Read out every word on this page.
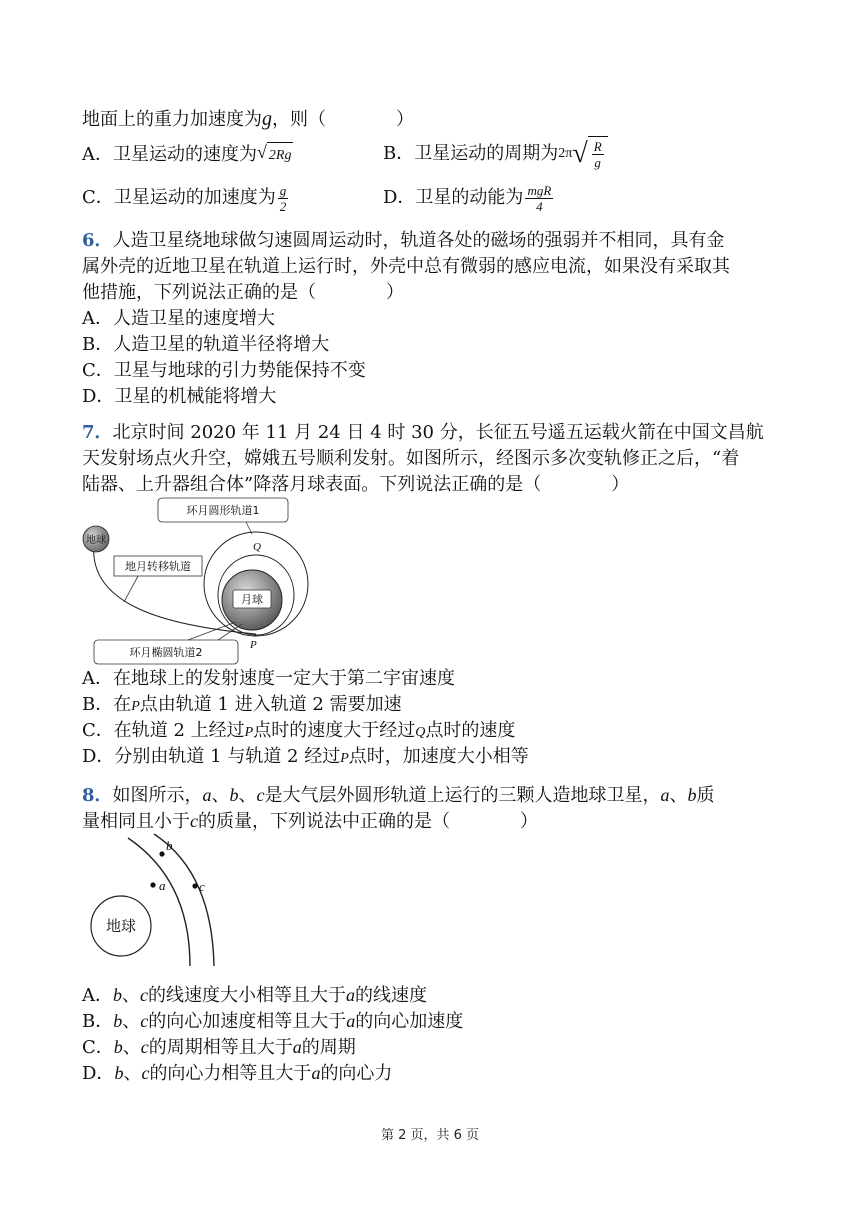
地面上的重力加速度为g，则（	）
A．卫星运动的速度为 √ 2Rg	B．卫星运动的周期为 2π √ $\frac{R}{g}$
C．卫星运动的加速度为 $\frac{g}{2}$	D．卫星的动能为 $\frac{\text{mgR}}{4}$
6．人造卫星绕地球做匀速圆周运动时，轨道各处的磁场的强弱并不相同，具有金
属外壳的近地卫星在轨道上运行时，外壳中总有微弱的感应电流，如果没有采取其
他措施，下列说法正确的是（	）
A．人造卫星的速度增大
B．人造卫星的轨道半径将增大
C．卫星与地球的引力势能保持不变
D．卫星的机械能将增大
7．北京时间 2020 年 11 月 24 日 4 时 30 分，长征五号遥五运载火箭在中国文昌航
天发射场点火升空，嫦娥五号顺利发射。如图所示，经图示多次变轨修正之后，“着
陆器、上升器组合体”降落月球表面。下列说法正确的是（	）
月球
地球
地月转移轨道
环月圆形轨道1
环月椭圆轨道2
Q
P
A．在地球上的发射速度一定大于第二宇宙速度
B．在P点由轨道 1 进入轨道 2 需要加速
C．在轨道 2 上经过P点时的速度大于经过Q点时的速度
D．分别由轨道 1 与轨道 2 经过P点时，加速度大小相等
8．如图所示，a、b、c是大气层外圆形轨道上运行的三颗人造地球卫星，a、b质
量相同且小于c的质量，下列说法中正确的是（	）
地球
b
a	c
A．b、c的线速度大小相等且大于a的线速度
B．b、c的向心加速度相等且大于a的向心加速度
C．b、c的周期相等且大于a的周期
D．b、c的向心力相等且大于a的向心力
第 2 页，共 6 页
